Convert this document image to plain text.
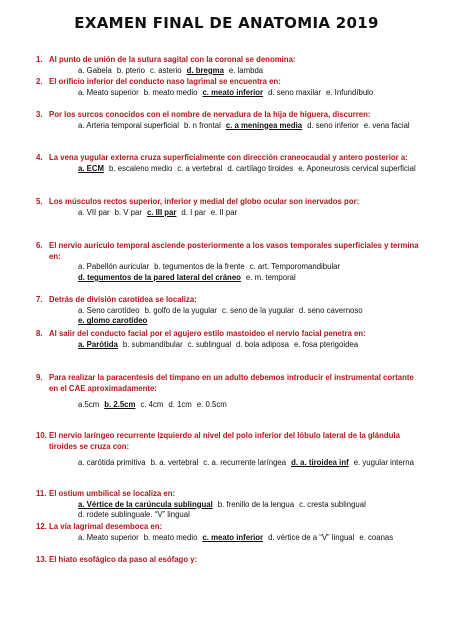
EXAMEN FINAL DE ANATOMIA 2019
1. Al punto de unión de la sutura sagital con la coronal se denomina:
a. Gabela b. pterio c. asterio d. bregma e. lambda
2. El orificio inferior del conducto naso lagrimal se encuentra en:
a. Meato superior b. meato medio c. meato inferior d. seno maxilar e. Infundíbulo
3. Por los surcos conocidos con el nombre de nervadura de la hija de higuera, discurren:
a. Arteria temporal superficial b. n frontal c. a meníngea media d. seno inferior e. vena facial
4. La vena yugular externa cruza superficialmente con dirección craneocaudal y antero posterior a:
a. ECM b. escaleno medio c. a vertebral d. cartílago tiroides e. Aponeurosis cervical superficial
5. Los músculos rectos superior, inferior y medial del globo ocular son inervados por:
a. VII par b. V par c. III par d. I par e. II par
6. El nervio aurículo temporal asciende posteriormente a los vasos temporales superficiales y termina en:
a. Pabellón auricular b. tegumentos de la frente c. art. Temporomandibulard. tegumentos de la pared lateral del cráneo e. m. temporal
7. Detrás de división carotídea se localiza:
a. Seno carotídeo b. golfo de la yugular c. seno de la yugular d. seno cavernosoe. glomo carotídeo
8. Al salir del conducto facial por el agujero estilo mastoideo el nervio facial penetra en:
a. Parótida b. submandibular c. sublingual d. bola adiposa e. fosa pterigoidea
9. Para realizar la paracentesis del tímpano en un adulto debemos introducir el instrumental cortante en el CAE aproximadamente:
a.5cm b. 2.5cm c. 4cm d. 1cm e. 0.5cm
10. El nervio laríngeo recurrente izquierdo al nivel del polo inferior del lóbulo lateral de la glándula tiroides se cruza con:
a. carótida primitiva b. a. vertebral c. a. recurrente laríngea d. a. tiroidea inf e. yugular interna
11. El ostium umbilical se localiza en:
a. Vértice de la carúncula sublingual b. frenillo de la lengua c. cresta sublinguald. rodete sublinguale. “V” lingual
12. La vía lagrimal desemboca en:
a. Meato superior b. meato medio c. meato inferior d. vértice de a “V” lingual e. coanas
13. El hiato esofágico da paso al esófago y:
